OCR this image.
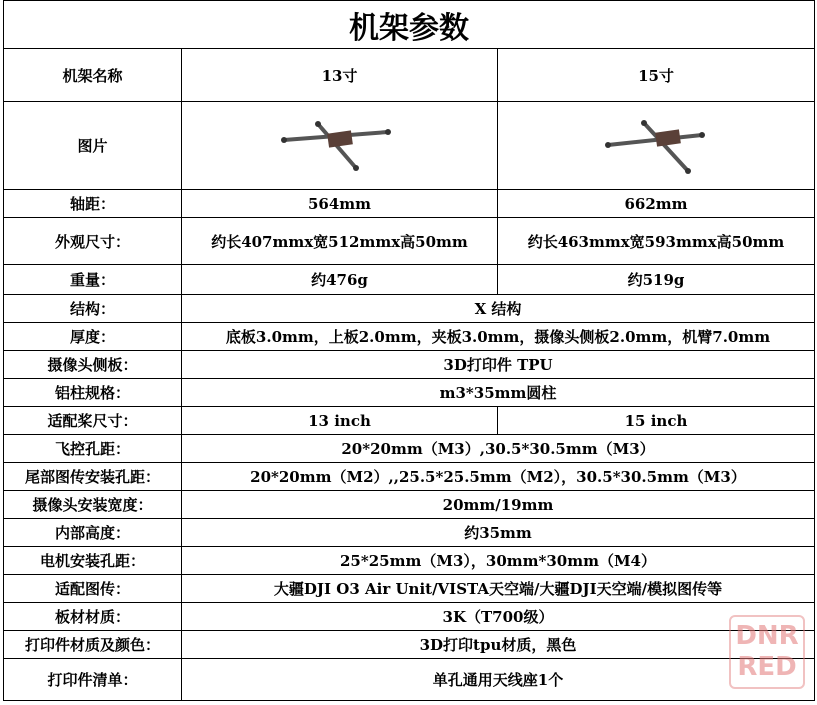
机架参数		
机架名称	13寸	15寸
图片	

轴距：	564mm	662mm
外观尺寸：	约长407mmx宽512mmx高50mm	约长463mmx宽593mmx高50mm
重量：	约476g	约519g
结构：	X 结构	
厚度：	底板3.0mm，上板2.0mm，夹板3.0mm，摄像头侧板2.0mm，机臂7.0mm	
摄像头侧板：	3D打印件 TPU	
铝柱规格：	m3*35mm圆柱	
适配桨尺寸：	13 inch	15 inch
飞控孔距：	20*20mm（M3）,30.5*30.5mm（M3）	
尾部图传安装孔距：	20*20mm（M2）,,25.5*25.5mm（M2），30.5*30.5mm（M3）	
摄像头安装宽度：	20mm/19mm	
内部高度：	约35mm	
电机安装孔距：	25*25mm（M3），30mm*30mm（M4）	
适配图传：	大疆DJI O3 Air Unit/VISTA天空端/大疆DJI天空端/模拟图传等	
板材材质：	3K（T700级）	
打印件材质及颜色：	3D打印tpu材质，黑色	
打印件清单：	单孔通用天线座1个	
DNR
RED
